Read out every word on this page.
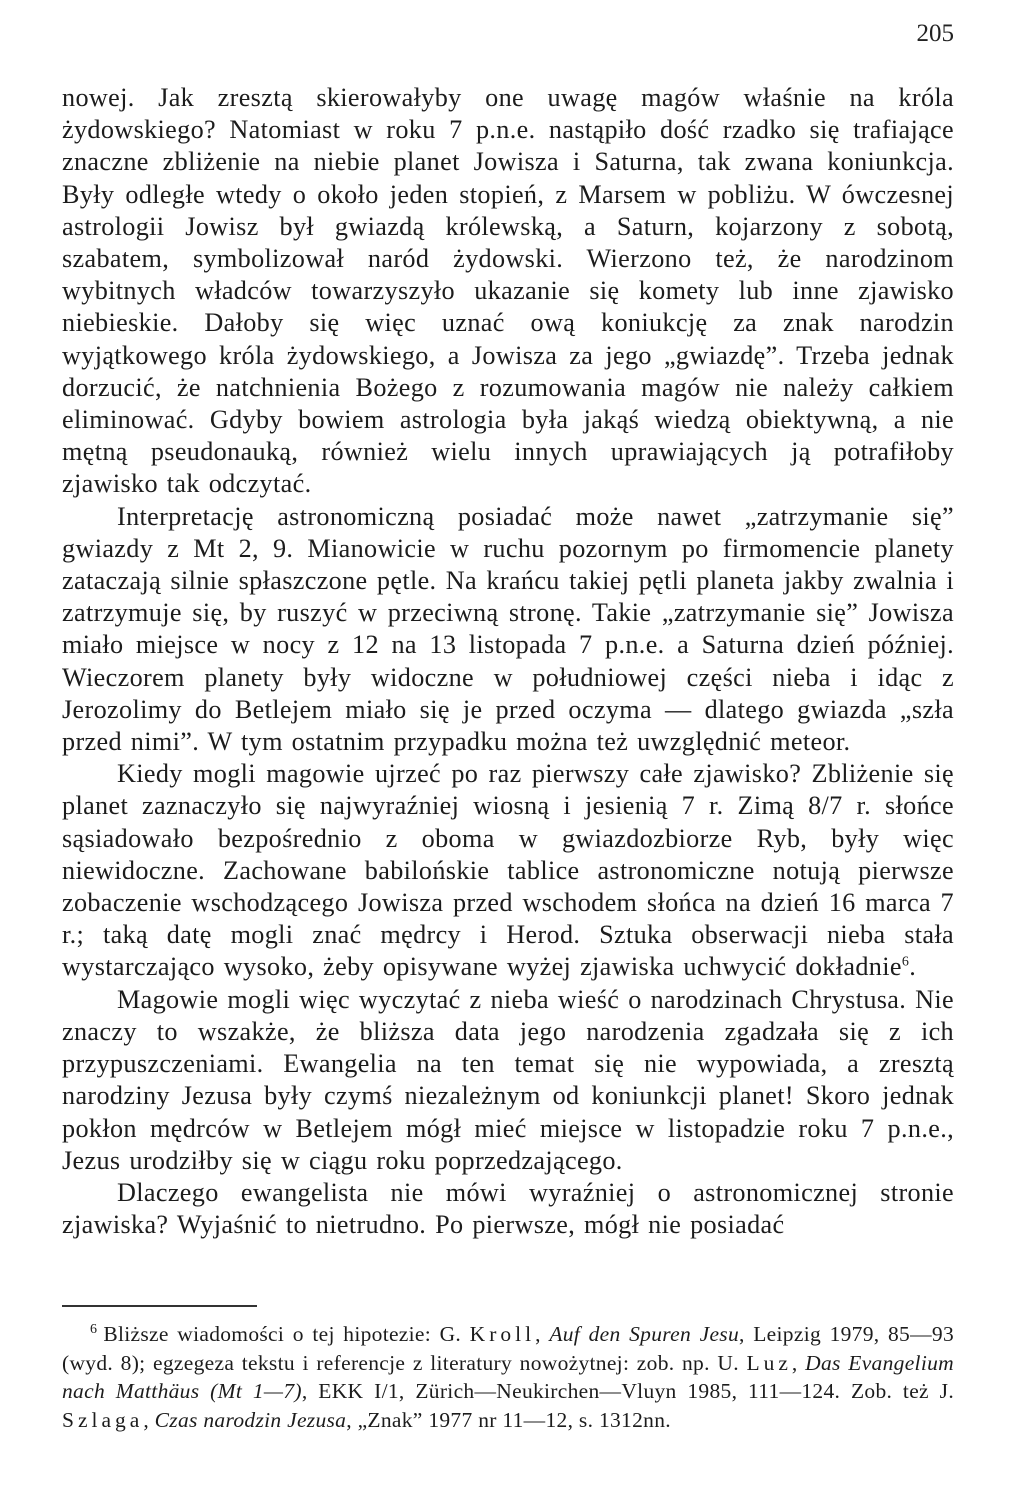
205

nowej. Jak zresztą skierowałyby one uwagę magów właśnie na króla żydowskiego? Natomiast w roku 7 p.n.e. nastąpiło dość rzadko się trafiające znaczne zbliżenie na niebie planet Jowisza i Saturna, tak zwana koniunkcja. Były odległe wtedy o około jeden stopień, z Marsem w pobliżu. W ówczesnej astrologii Jowisz był gwiazdą królewską, a Saturn, kojarzony z sobotą, szabatem, symbolizował naród żydowski. Wierzono też, że narodzinom wybitnych władców towarzyszyło ukazanie się komety lub inne zjawisko niebieskie. Dałoby się więc uznać ową koniukcję za znak narodzin wyjątkowego króla żydowskiego, a Jowisza za jego „gwiazdę”. Trzeba jednak dorzucić, że natchnienia Bożego z rozumowania magów nie należy całkiem eliminować. Gdyby bowiem astrologia była jakąś wiedzą obiektywną, a nie mętną pseudonauką, również wielu innych uprawiających ją potrafiłoby zjawisko tak odczytać.

Interpretację astronomiczną posiadać może nawet „zatrzymanie się” gwiazdy z Mt 2, 9. Mianowicie w ruchu pozornym po firmomencie planety zataczają silnie spłaszczone pętle. Na krańcu takiej pętli planeta jakby zwalnia i zatrzymuje się, by ruszyć w przeciwną stronę. Takie „zatrzymanie się” Jowisza miało miejsce w nocy z 12 na 13 listopada 7 p.n.e. a Saturna dzień później. Wieczorem planety były widoczne w południowej części nieba i idąc z Jerozolimy do Betlejem miało się je przed oczyma — dlatego gwiazda „szła przed nimi”. W tym ostatnim przypadku można też uwzględnić meteor.

Kiedy mogli magowie ujrzeć po raz pierwszy całe zjawisko? Zbliżenie się planet zaznaczyło się najwyraźniej wiosną i jesienią 7 r. Zimą 8/7 r. słońce sąsiadowało bezpośrednio z oboma w gwiazdozbiorze Ryb, były więc niewidoczne. Zachowane babilońskie tablice astronomiczne notują pierwsze zobaczenie wschodzącego Jowisza przed wschodem słońca na dzień 16 marca 7 r.; taką datę mogli znać mędrcy i Herod. Sztuka obserwacji nieba stała wystarczająco wysoko, żeby opisywane wyżej zjawiska uchwycić dokładnie$^6$.

Magowie mogli więc wyczytać z nieba wieść o narodzinach Chrystusa. Nie znaczy to wszakże, że bliższa data jego narodzenia zgadzała się z ich przypuszczeniami. Ewangelia na ten temat się nie wypowiada, a zresztą narodziny Jezusa były czymś niezależnym od koniunkcji planet! Skoro jednak pokłon mędrców w Betlejem mógł mieć miejsce w listopadzie roku 7 p.n.e., Jezus urodziłby się w ciągu roku poprzedzającego.

Dlaczego ewangelista nie mówi wyraźniej o astronomicznej stronie zjawiska? Wyjaśnić to nietrudno. Po pierwsze, mógł nie posiadać

$^6$ Bliższe wiadomości o tej hipotezie: G. Kroll, Auf den Spuren Jesu, Leipzig 1979, 85—93 (wyd. 8); egzegeza tekstu i referencje z literatury nowożytnej: zob. np. U. Luz, Das Evangelium nach Matthäus (Mt 1—7), EKK I/1, Zürich—Neukirchen—Vluyn 1985, 111—124. Zob. też J. Szlaga, Czas narodzin Jezusa, „Znak” 1977 nr 11—12, s. 1312nn.
